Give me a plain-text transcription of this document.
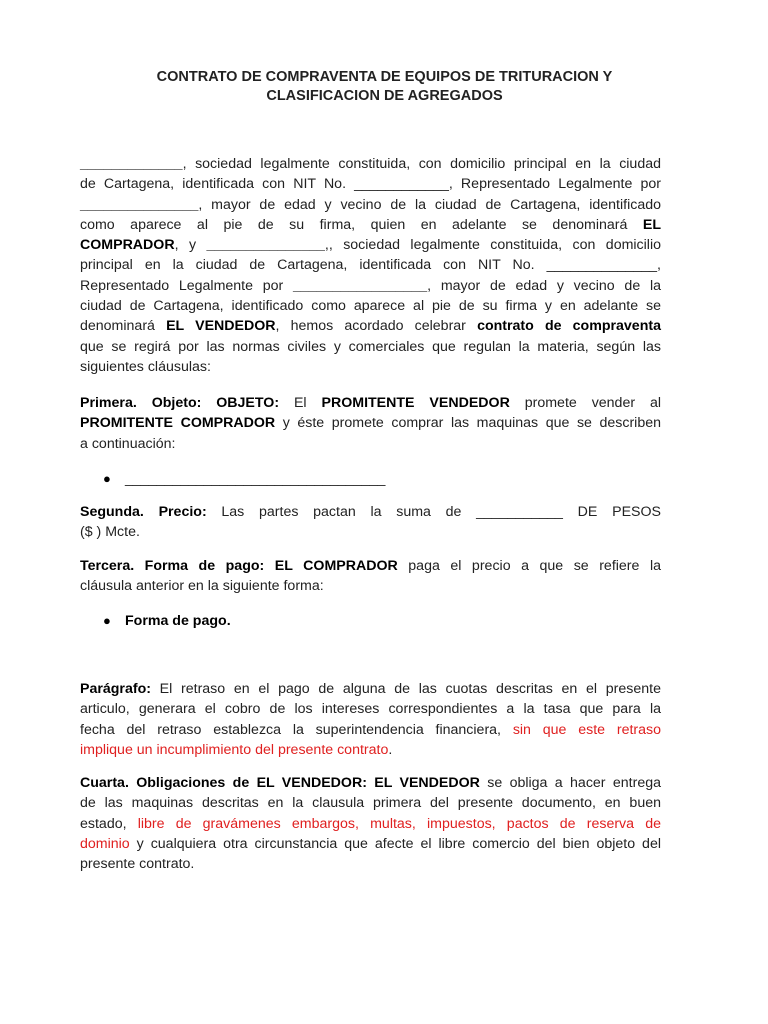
CONTRATO DE COMPRAVENTA DE EQUIPOS DE TRITURACION Y
CLASIFICACION DE AGREGADOS
_____________, sociedad legalmente constituida, con domicilio principal en la ciudad
de Cartagena, identificada con NIT No. ____________, Representado Legalmente por
_______________, mayor de edad y vecino de la ciudad de Cartagena, identificado
como aparece al pie de su firma, quien en adelante se denominará EL
COMPRADOR, y _______________,, sociedad legalmente constituida, con domicilio
principal en la ciudad de Cartagena, identificada con NIT No. ______________,
Representado Legalmente por _________________, mayor de edad y vecino de la
ciudad de Cartagena, identificado como aparece al pie de su firma y en adelante se
denominará EL VENDEDOR, hemos acordado celebrar contrato de compraventa
que se regirá por las normas civiles y comerciales que regulan la materia, según las
siguientes cláusulas:
Primera. Objeto: OBJETO: El PROMITENTE VENDEDOR promete vender al
PROMITENTE COMPRADOR y éste promete comprar las maquinas que se describen
a continuación:
● _________________________________
Segunda. Precio: Las partes pactan la suma de ___________ DE PESOS
($ ) Mcte.
Tercera. Forma de pago: EL COMPRADOR paga el precio a que se refiere la
cláusula anterior en la siguiente forma:
● Forma de pago.
Parágrafo: El retraso en el pago de alguna de las cuotas descritas en el presente
articulo, generara el cobro de los intereses correspondientes a la tasa que para la
fecha del retraso establezca la superintendencia financiera, sin que este retraso
implique un incumplimiento del presente contrato.
Cuarta. Obligaciones de EL VENDEDOR: EL VENDEDOR se obliga a hacer entrega
de las maquinas descritas en la clausula primera del presente documento, en buen
estado, libre de gravámenes embargos, multas, impuestos, pactos de reserva de
dominio y cualquiera otra circunstancia que afecte el libre comercio del bien objeto del
presente contrato.
